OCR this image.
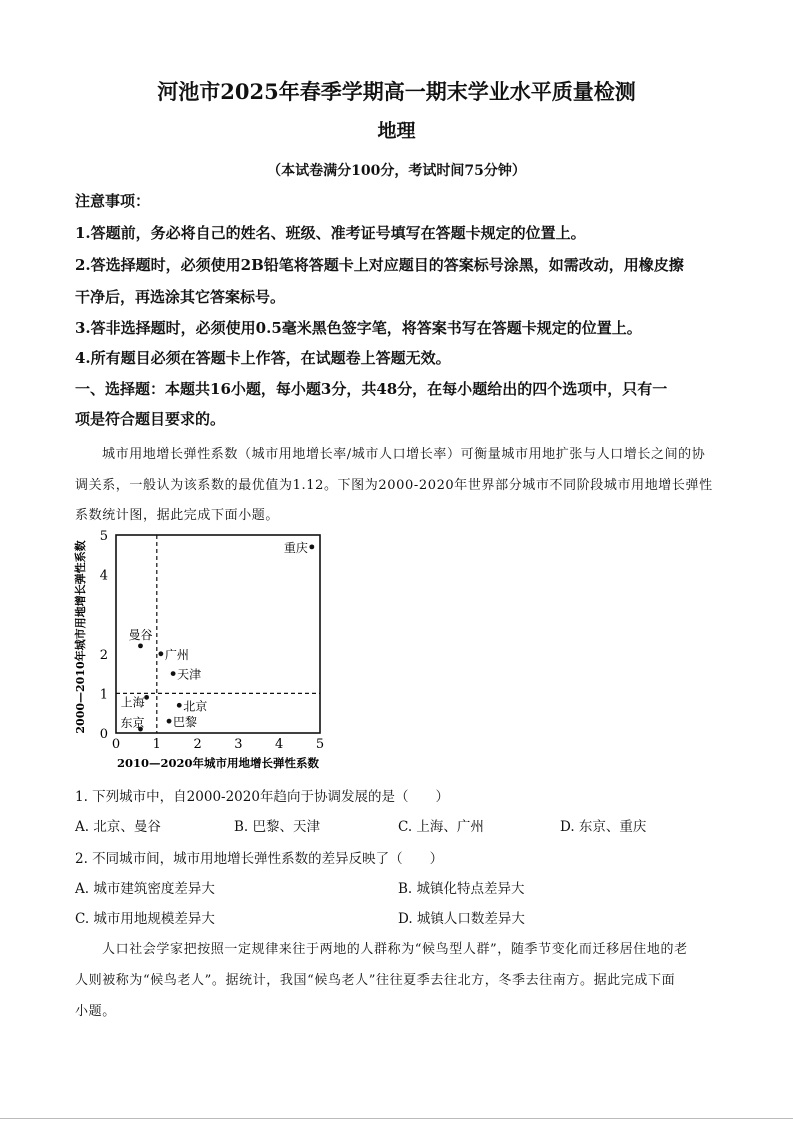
河池市2025年春季学期高一期末学业水平质量检测
地理
（本试卷满分100分，考试时间75分钟）
注意事项：
1.答题前，务必将自己的姓名、班级、准考证号填写在答题卡规定的位置上。
2.答选择题时，必须使用2B铅笔将答题卡上对应题目的答案标号涂黑，如需改动，用橡皮擦
干净后，再选涂其它答案标号。
3.答非选择题时，必须使用0.5毫米黑色签字笔，将答案书写在答题卡规定的位置上。
4.所有题目必须在答题卡上作答，在试题卷上答题无效。
一、选择题：本题共16小题，每小题3分，共48分，在每小题给出的四个选项中，只有一
项是符合题目要求的。
城市用地增长弹性系数（城市用地增长率/城市人口增长率）可衡量城市用地扩张与人口增长之间的协
调关系，一般认为该系数的最优值为1.12。下图为2000-2020年世界部分城市不同阶段城市用地增长弹性
系数统计图，据此完成下面小题。
0	1	2	3	4	5
0
1
2
4
5
重庆
曼谷
广州
天津
上海	北京
巴黎
东京
2010—2020年城市用地增长弹性系数
2000—2010年城市用地增长弹性系数
1. 下列城市中，自2000-2020年趋向于协调发展的是（　　）
A. 北京、曼谷	B. 巴黎、天津	C. 上海、广州	D. 东京、重庆
2. 不同城市间，城市用地增长弹性系数的差异反映了（　　）
A. 城市建筑密度差异大	B. 城镇化特点差异大
C. 城市用地规模差异大	D. 城镇人口数差异大
人口社会学家把按照一定规律来往于两地的人群称为“候鸟型人群”，随季节变化而迁移居住地的老
人则被称为“候鸟老人”。据统计，我国“候鸟老人”往往夏季去往北方，冬季去往南方。据此完成下面
小题。
